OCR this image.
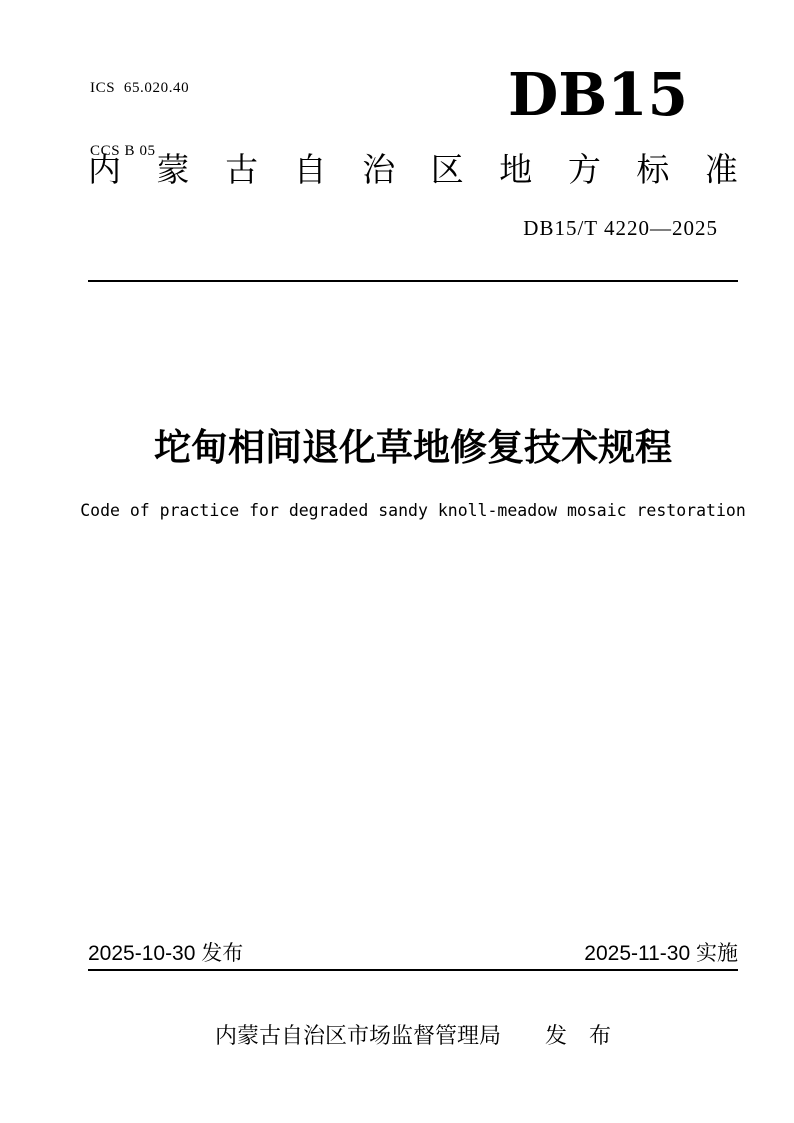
ICS  65.020.40

CCS B 05

DB15
内 蒙 古 自 治 区 地 方 标 准
DB15/T 4220—2025
坨甸相间退化草地修复技术规程
Code of practice for degraded sandy knoll-meadow mosaic restoration
2025-10-30 发布	2025-11-30 实施
内蒙古自治区市场监督管理局　　发　布
